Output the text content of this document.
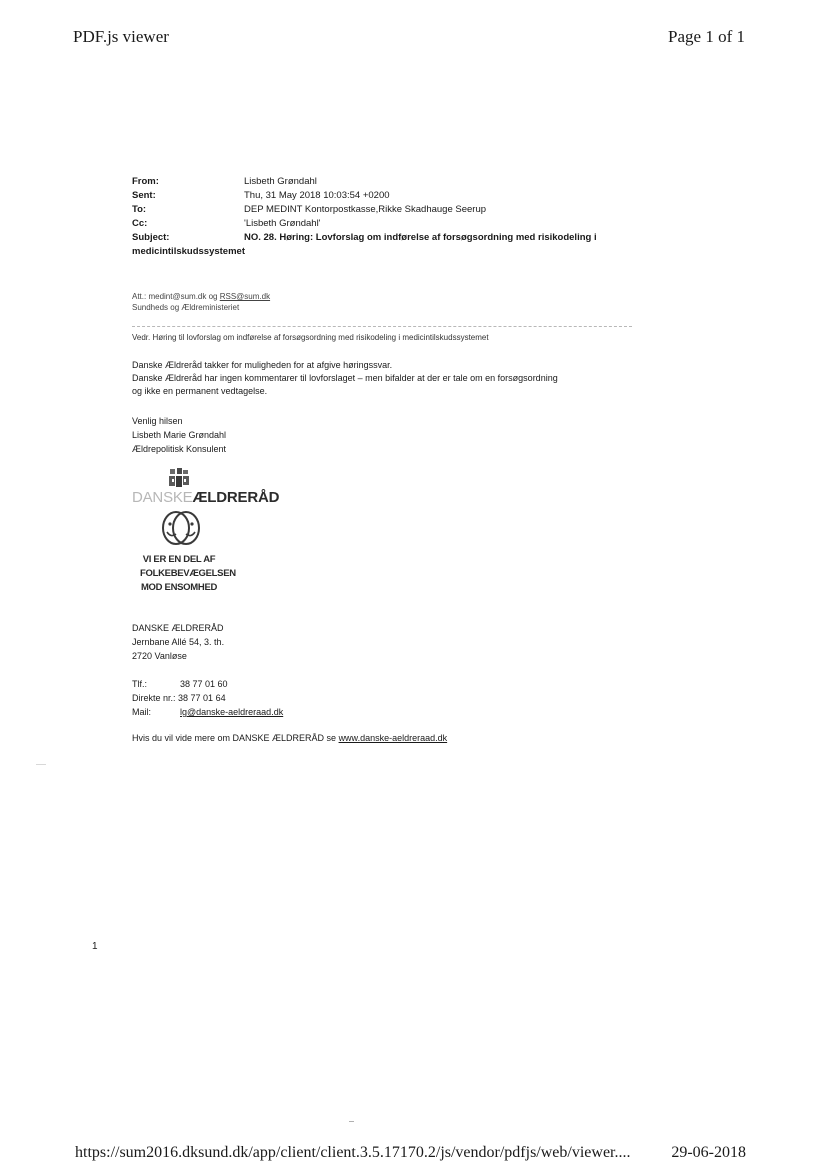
PDF.js viewer	Page 1 of 1
From:	Lisbeth Grøndahl
Sent:	Thu, 31 May 2018 10:03:54 +0200
To:	DEP MEDINT Kontorpostkasse,Rikke Skadhauge Seerup
Cc:	'Lisbeth Grøndahl'
Subject:	NO. 28. Høring: Lovforslag om indførelse af forsøgsordning med risikodeling i
medicintilskudssystemet
Att.: medint@sum.dk og RSS@sum.dk
Sundheds og Ældreministeriet
Vedr. Høring til lovforslag om indførelse af forsøgsordning med risikodeling i medicintilskudssystemet
Danske Ældreråd takker for muligheden for at afgive høringssvar.
Danske Ældreråd har ingen kommentarer til lovforslaget – men bifalder at der er tale om en forsøgsordning
og ikke en permanent vedtagelse.
Venlig hilsen
Lisbeth Marie Grøndahl
Ældrepolitisk Konsulent
DANSKEÆLDRERÅD
VI ER EN DEL AF
FOLKEBEVÆGELSEN
MOD ENSOMHED
DANSKE ÆLDRERÅD
Jernbane Allé 54, 3. th.
2720 Vanløse
Tlf.:	38 77 01 60
Direkte nr.: 38 77 01 64
Mail:	lg@danske-aeldreraad.dk
Hvis du vil vide mere om DANSKE ÆLDRERÅD se www.danske-aeldreraad.dk
1
https://sum2016.dksund.dk/app/client/client.3.5.17170.2/js/vendor/pdfjs/web/viewer....	29-06-2018
